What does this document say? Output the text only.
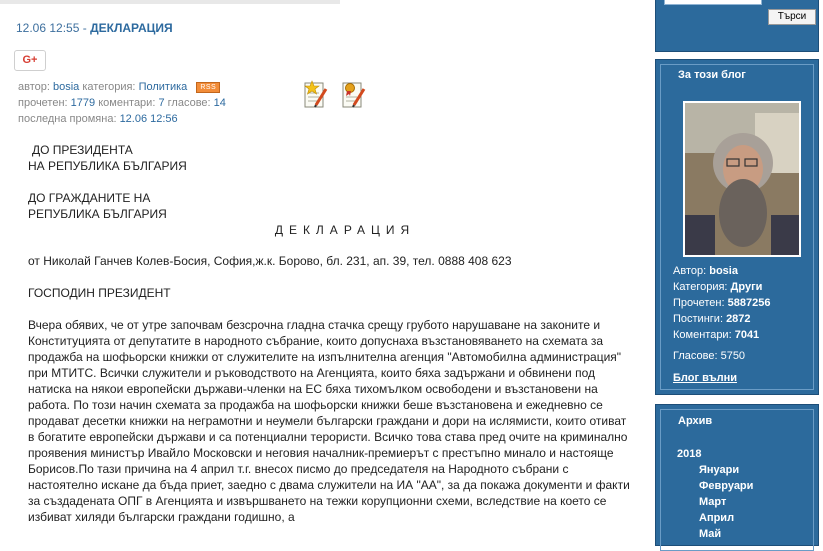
12.06 12:55 - ДЕКЛАРАЦИЯ
G+
автор: bosia категория: Политика RSS
прочетен: 1779 коментари: 7 гласове: 14
последна промяна: 12.06 12:56

ДО ПРЕЗИДЕНТА

НА РЕПУБЛИКА БЪЛГАРИЯ

ДО ГРАЖДАНИТЕ НА

РЕПУБЛИКА БЪЛГАРИЯ

ДЕКЛАРАЦИЯ

от Николай Ганчев Колев-Босия, София,ж.к. Борово, бл. 231, ап. 39, тел. 0888 408 623

ГОСПОДИН ПРЕЗИДЕНТ

Вчера обявих, че от утре започвам безсрочна гладна стачка срещу грубото нарушаване на законите и Конституцията от депутатите в народното събрание, които допуснаха възстановяването на схемата за продажба на шофьорски книжки от служителите на изпълнителна агенция "Автомобилна администрация" при МТИТС. Всички служители и ръководството на Агенцията, които бяха задържани и обвинени под натиска на някои европейски държави-членки на ЕС бяха тихомълком освободени и възстановени на работа. По този начин схемата за продажба на шофьорски книжки беше възстановена и ежедневно се продават десетки книжки на неграмотни и неумели български граждани и дори на ислямисти, които отиват в богатите европейски държави и са потенциални терористи. Всичко това става пред очите на криминално проявения министър Ивайло Московски и неговия началник-премиерът с престъпно минало и настояще Борисов.По тази причина на 4 април т.г. внесох писмо до председателя на Народното събрани с настоятелно искане да бъда приет, заедно с двама служители на ИА "АА", за да покажа документи и факти за създадената ОПГ в Агенцията и извършването на тежки корупционни схеми, вследствие на което се избиват хиляди български граждани годишно, а

Търси
За този блог
Автор: bosia
Категория: Други
Прочетен: 5887256
Постинги: 2872
Коментари: 7041
Гласове: 5750
Блог вълни
Архив
2018
Януари
Февруари
Март
Април
Май
